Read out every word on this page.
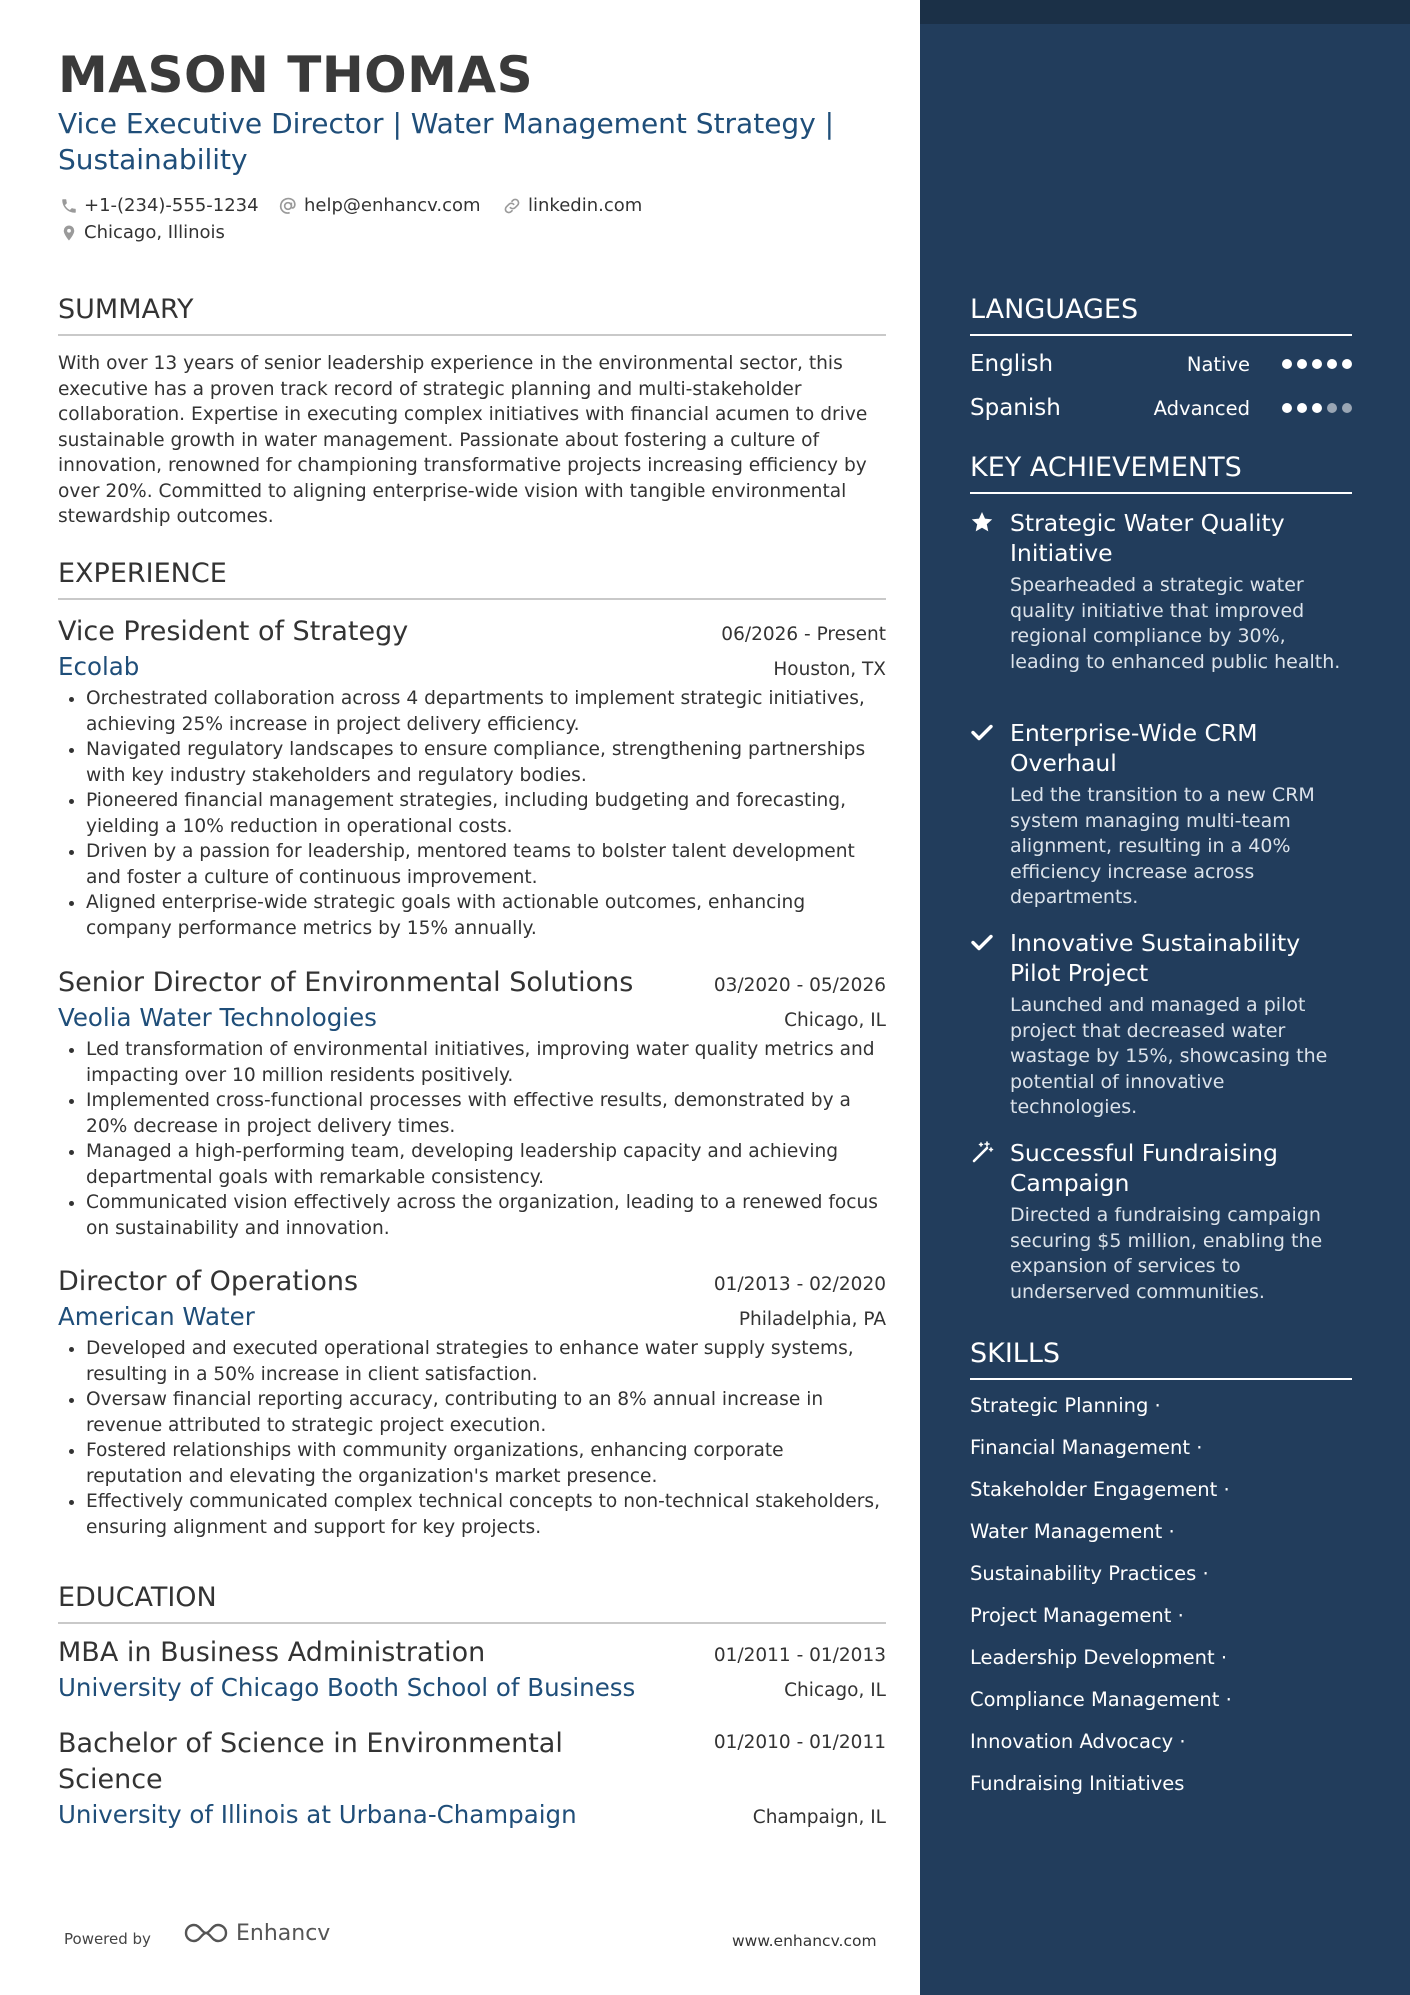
MASON THOMAS
Vice Executive Director | Water Management Strategy | Sustainability
+1-(234)-555-1234	help@enhancv.com	linkedin.com
Chicago, Illinois
SUMMARY
With over 13 years of senior leadership experience in the environmental sector, this executive has a proven track record of strategic planning and multi-stakeholder collaboration. Expertise in executing complex initiatives with financial acumen to drive sustainable growth in water management. Passionate about fostering a culture of innovation, renowned for championing transformative projects increasing efficiency by over 20%. Committed to aligning enterprise-wide vision with tangible environmental stewardship outcomes.
EXPERIENCE
Vice President of Strategy	06/2026 - Present
Ecolab	Houston, TX
• Orchestrated collaboration across 4 departments to implement strategic initiatives, achieving 25% increase in project delivery efficiency.
• Navigated regulatory landscapes to ensure compliance, strengthening partnerships with key industry stakeholders and regulatory bodies.
• Pioneered financial management strategies, including budgeting and forecasting, yielding a 10% reduction in operational costs.
• Driven by a passion for leadership, mentored teams to bolster talent development and foster a culture of continuous improvement.
• Aligned enterprise-wide strategic goals with actionable outcomes, enhancing company performance metrics by 15% annually.
Senior Director of Environmental Solutions	03/2020 - 05/2026
Veolia Water Technologies	Chicago, IL
• Led transformation of environmental initiatives, improving water quality metrics and impacting over 10 million residents positively.
• Implemented cross-functional processes with effective results, demonstrated by a 20% decrease in project delivery times.
• Managed a high-performing team, developing leadership capacity and achieving departmental goals with remarkable consistency.
• Communicated vision effectively across the organization, leading to a renewed focus on sustainability and innovation.
Director of Operations	01/2013 - 02/2020
American Water	Philadelphia, PA
• Developed and executed operational strategies to enhance water supply systems, resulting in a 50% increase in client satisfaction.
• Oversaw financial reporting accuracy, contributing to an 8% annual increase in revenue attributed to strategic project execution.
• Fostered relationships with community organizations, enhancing corporate reputation and elevating the organization's market presence.
• Effectively communicated complex technical concepts to non-technical stakeholders, ensuring alignment and support for key projects.
EDUCATION
MBA in Business Administration	01/2011 - 01/2013
University of Chicago Booth School of Business	Chicago, IL
Bachelor of Science in Environmental Science
01/2010 - 01/2011
University of Illinois at Urbana-Champaign	Champaign, IL
Powered by	Enhancv	www.enhancv.com
LANGUAGES
English	Native
Spanish	Advanced
KEY ACHIEVEMENTS
Strategic Water Quality Initiative
Spearheaded a strategic water quality initiative that improved regional compliance by 30%, leading to enhanced public health.
Enterprise-Wide CRM Overhaul
Led the transition to a new CRM system managing multi-team alignment, resulting in a 40% efficiency increase across departments.
Innovative Sustainability Pilot Project
Launched and managed a pilot project that decreased water wastage by 15%, showcasing the potential of innovative technologies.
Successful Fundraising Campaign
Directed a fundraising campaign securing $5 million, enabling the expansion of services to underserved communities.
SKILLS
Strategic Planning ·
Financial Management ·
Stakeholder Engagement ·
Water Management ·
Sustainability Practices ·
Project Management ·
Leadership Development ·
Compliance Management ·
Innovation Advocacy ·
Fundraising Initiatives
